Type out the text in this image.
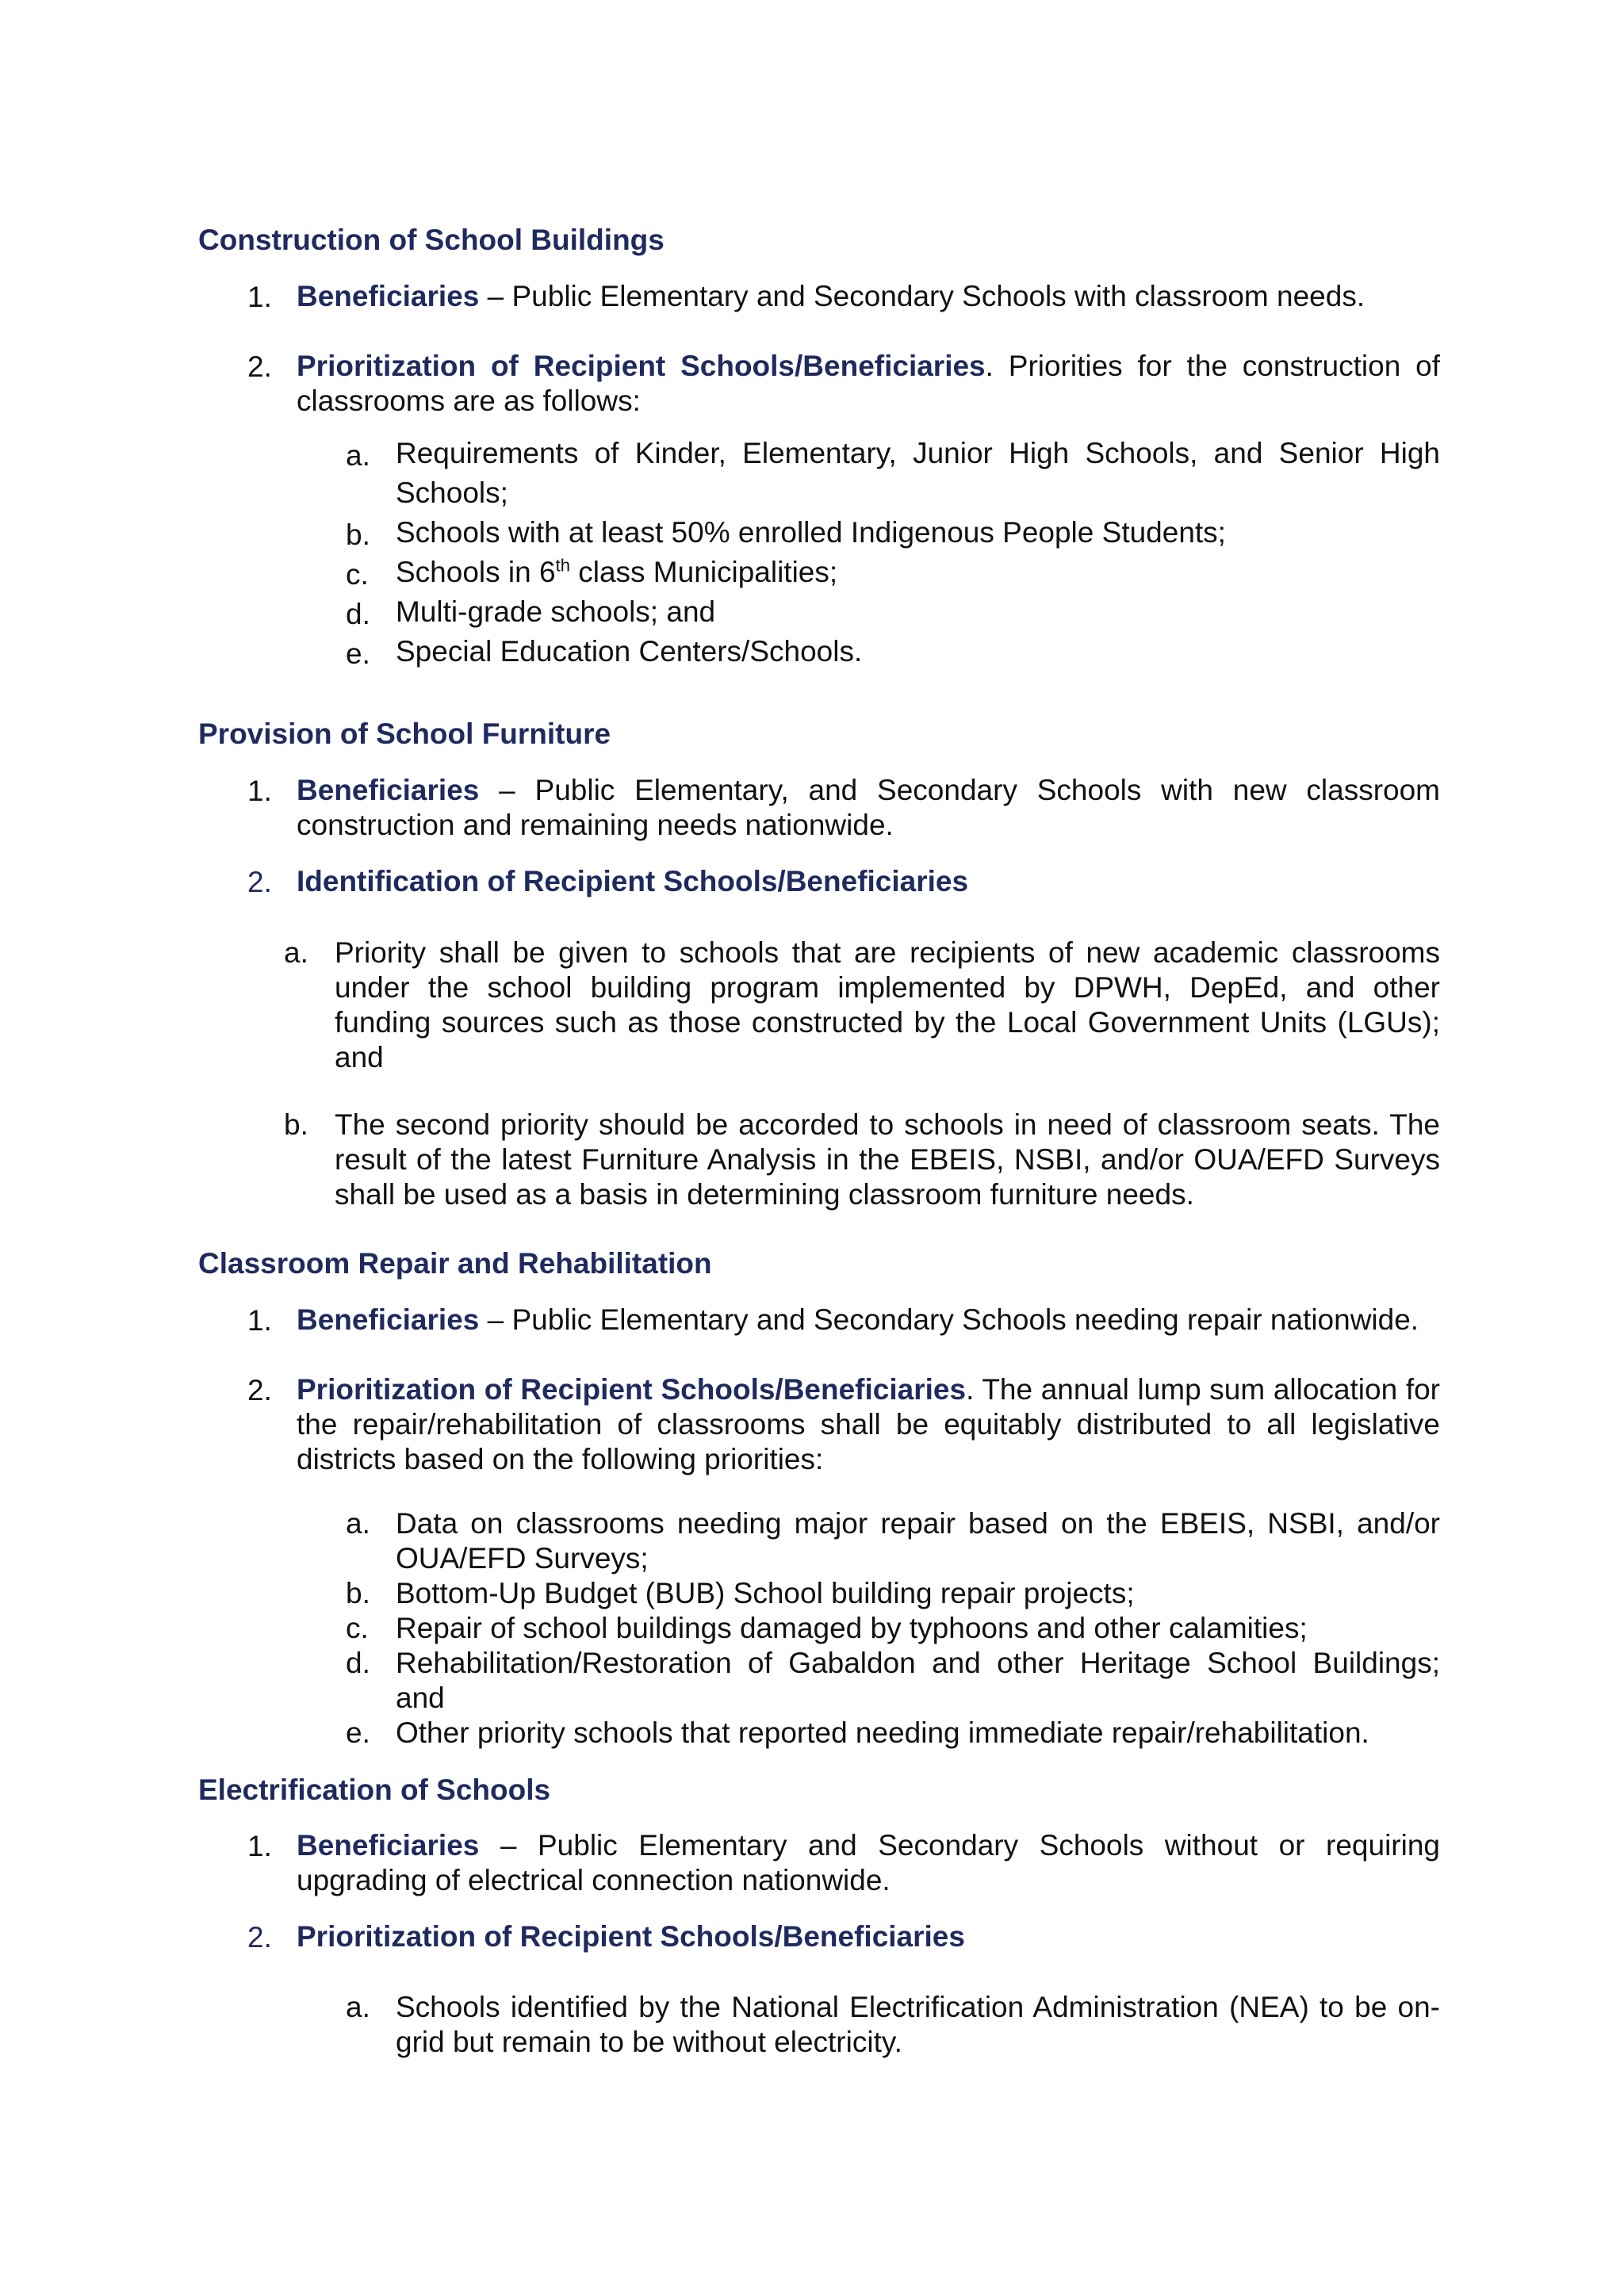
Construction of School Buildings
1. Beneficiaries – Public Elementary and Secondary Schools with classroom needs.

2. Prioritization of Recipient Schools/Beneficiaries. Priorities for the construction of classrooms are as follows:

a. Requirements of Kinder, Elementary, Junior High Schools, and Senior High Schools;

b. Schools with at least 50% enrolled Indigenous People Students;

c. Schools in 6th class Municipalities;

d. Multi-grade schools; and

e. Special Education Centers/Schools.

Provision of School Furniture
1. Beneficiaries – Public Elementary, and Secondary Schools with new classroom construction and remaining needs nationwide.

2. Identification of Recipient Schools/Beneficiaries

a. Priority shall be given to schools that are recipients of new academic classrooms under the school building program implemented by DPWH, DepEd, and other funding sources such as those constructed by the Local Government Units (LGUs); and

b. The second priority should be accorded to schools in need of classroom seats. The result of the latest Furniture Analysis in the EBEIS, NSBI, and/or OUA/EFD Surveys shall be used as a basis in determining classroom furniture needs.

Classroom Repair and Rehabilitation
1. Beneficiaries – Public Elementary and Secondary Schools needing repair nationwide.

2. Prioritization of Recipient Schools/Beneficiaries. The annual lump sum allocation for the repair/rehabilitation of classrooms shall be equitably distributed to all legislative districts based on the following priorities:

a. Data on classrooms needing major repair based on the EBEIS, NSBI, and/or OUA/EFD Surveys;

b. Bottom-Up Budget (BUB) School building repair projects;

c. Repair of school buildings damaged by typhoons and other calamities;

d. Rehabilitation/Restoration of Gabaldon and other Heritage School Buildings; and

e. Other priority schools that reported needing immediate repair/rehabilitation.

Electrification of Schools
1. Beneficiaries – Public Elementary and Secondary Schools without or requiring upgrading of electrical connection nationwide.

2. Prioritization of Recipient Schools/Beneficiaries

a. Schools identified by the National Electrification Administration (NEA) to be on-grid but remain to be without electricity.
